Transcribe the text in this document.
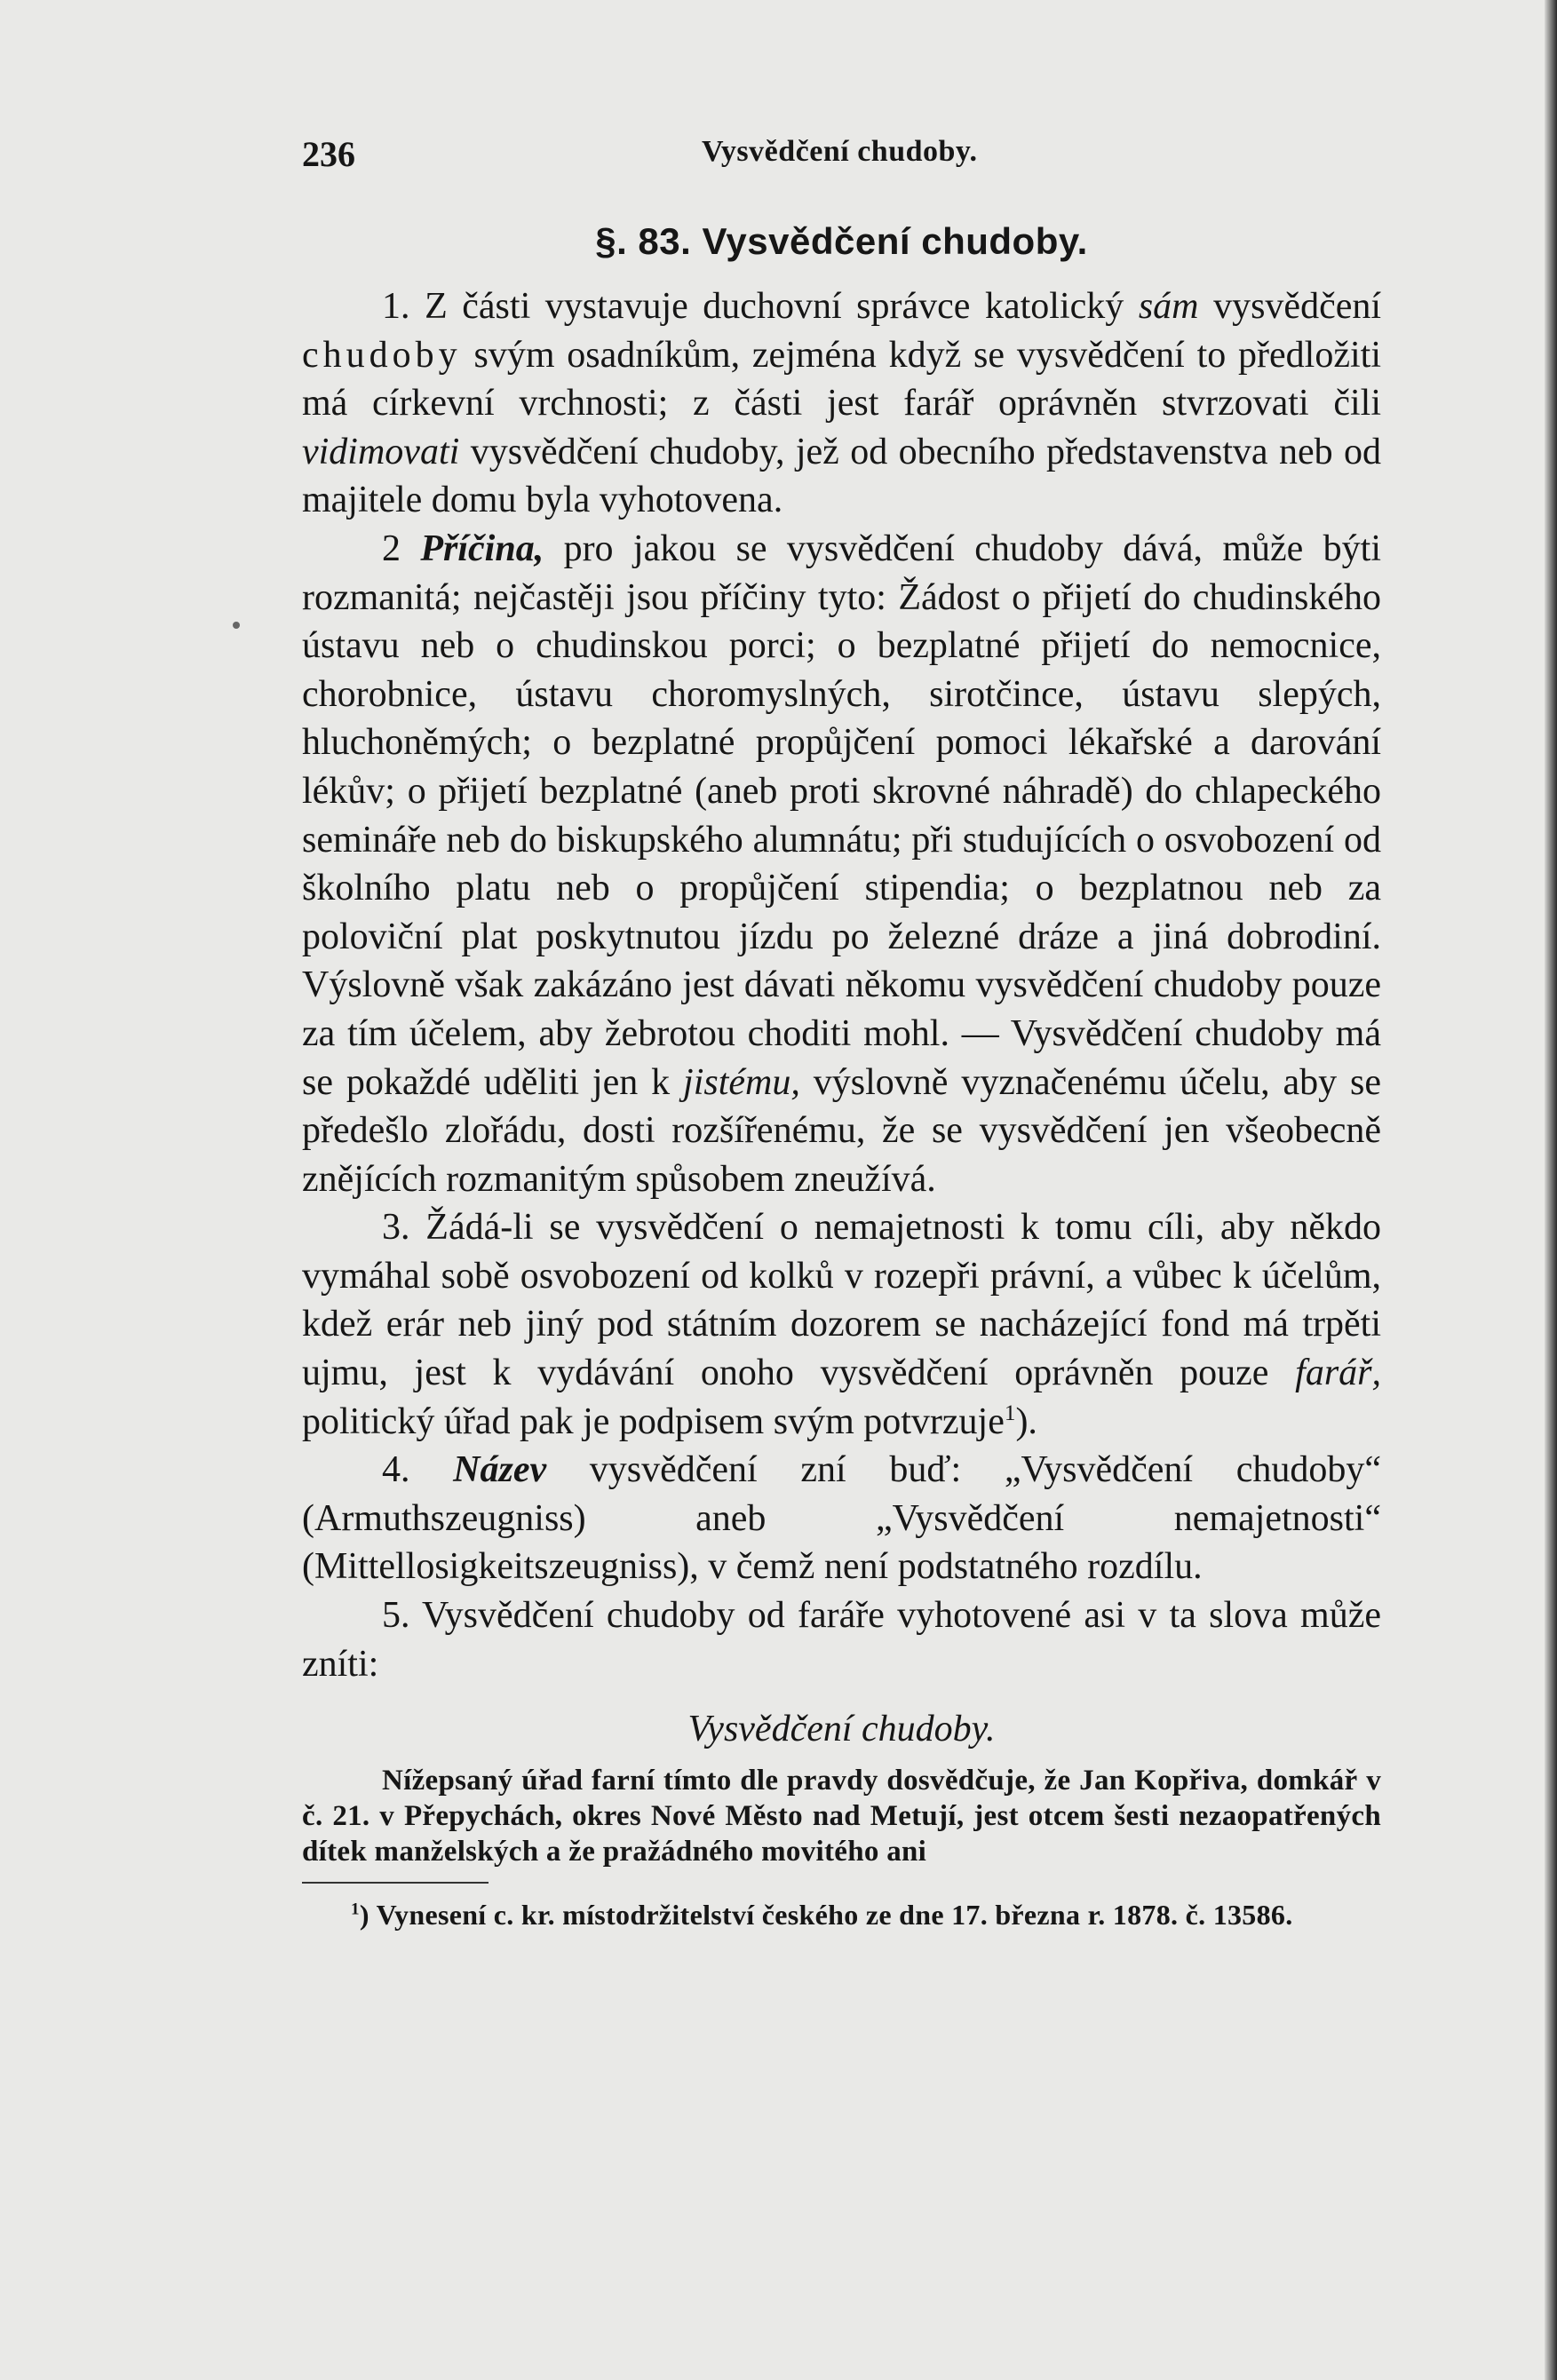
236	Vysvědčení chudoby.
§. 83. Vysvědčení chudoby.

1. Z části vystavuje duchovní správce katolický sám vysvědčení chudoby svým osadníkům, zejména když se vysvědčení to předložiti má církevní vrchnosti; z části jest farář oprávněn stvrzovati čili vidimovati vysvědčení chudoby, jež od obecního představenstva neb od majitele domu byla vyhotovena.

2 Příčina, pro jakou se vysvědčení chudoby dává, může býti rozmanitá; nejčastěji jsou příčiny tyto: Žádost o přijetí do chudinského ústavu neb o chudinskou porci; o bezplatné přijetí do nemocnice, chorobnice, ústavu choromyslných, sirotčince, ústavu slepých, hluchoněmých; o bezplatné propůjčení pomoci lékařské a darování lékův; o přijetí bezplatné (aneb proti skrovné náhradě) do chlapeckého semináře neb do biskupského alumnátu; při studujících o osvobození od školního platu neb o propůjčení stipendia; o bezplatnou neb za poloviční plat poskytnutou jízdu po železné dráze a jiná dobrodiní. Výslovně však zakázáno jest dávati někomu vysvědčení chudoby pouze za tím účelem, aby žebrotou choditi mohl. — Vysvědčení chudoby má se pokaždé uděliti jen k jistému, výslovně vyznačenému účelu, aby se předešlo zlořádu, dosti rozšířenému, že se vysvědčení jen všeobecně znějících rozmanitým spůsobem zneužívá.

3. Žádá-li se vysvědčení o nemajetnosti k tomu cíli, aby někdo vymáhal sobě osvobození od kolků v rozepři právní, a vůbec k účelům, kdež erár neb jiný pod státním dozorem se nacházející fond má trpěti ujmu, jest k vydávání onoho vysvědčení oprávněn pouze farář, politický úřad pak je podpisem svým potvrzuje$^1$).

4. Název vysvědčení zní buď: „Vysvědčení chudoby“ (Armuthszeugniss) aneb „Vysvědčení nemajetnosti“ (Mittellosigkeitszeugniss), v čemž není podstatného rozdílu.

5. Vysvědčení chudoby od faráře vyhotovené asi v ta slova může zníti:

Vysvědčení chudoby.

Nížepsaný úřad farní tímto dle pravdy dosvědčuje, že Jan Kopřiva, domkář v č. 21. v Přepychách, okres Nové Město nad Metují, jest otcem šesti nezaopatřených dítek manželských a že pražádného movitého ani

$^1$) Vynesení c. kr. místodržitelství českého ze dne 17. března r. 1878. č. 13586.
